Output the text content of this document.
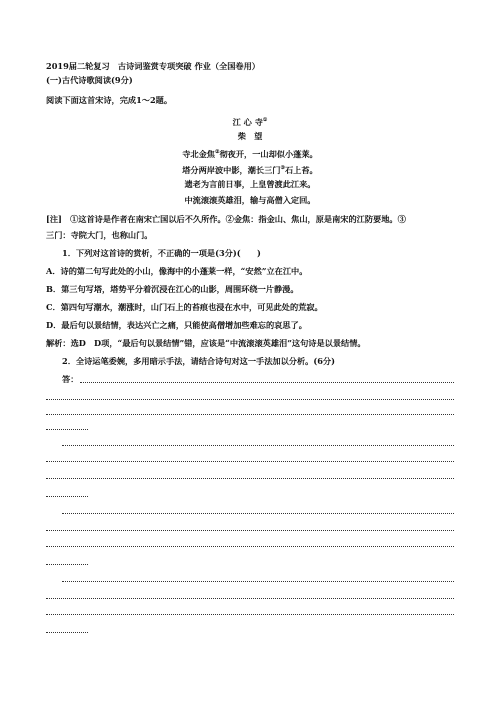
2019届二轮复习　古诗词鉴赏专项突破 作业（全国卷用）
(一)古代诗歌阅读(9分)
阅读下面这首宋诗，完成1～2题。
江 心 寺①
柴　望
寺北金焦②彻夜开，一山却似小蓬莱。
塔分两岸波中影，潮长三门③石上苔。
遗老为言前日事，上皇曾渡此江来。
中流滚滚英雄泪，输与高僧入定回。
[注]　①这首诗是作者在南宋亡国以后不久所作。②金焦：指金山、焦山，原是南宋的江防要地。③
三门：寺院大门，也称山门。
1．下列对这首诗的赏析，不正确的一项是(3分)(　　)
A．诗的第二句写此处的小山，像海中的小蓬莱一样，“安然”立在江中。
B．第三句写塔，塔势平分着沉浸在江心的山影，周围环绕一片静漫。
C．第四句写潮水，潮涨时，山门石上的苔痕也浸在水中，可见此处的荒寂。
D．最后句以景结情，表达兴亡之痛，只能使高僧增加些难忘的哀思了。
解析：选D　D项，“最后句以景结情”错，应该是“中流滚滚英雄泪”这句诗是以景结情。
2．全诗运笔委婉，多用暗示手法，请结合诗句对这一手法加以分析。(6分)
答：
